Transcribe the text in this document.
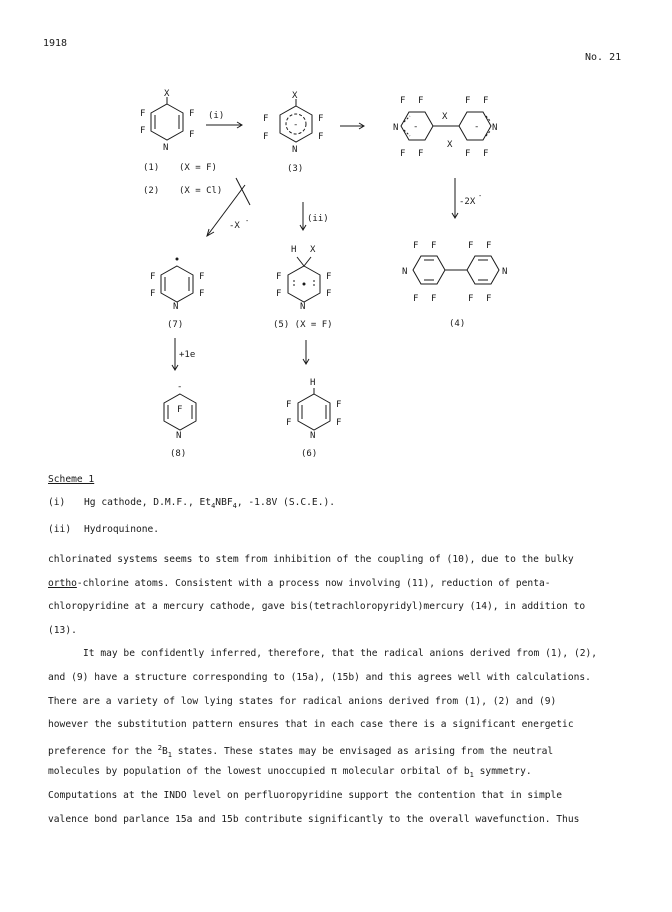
1918
No. 21
X
F	F
F	F
N
(i)
(1) (X = F)
(2) (X = Cl)
X
F	F
F	F
N
-
(3)
F F	F F
N	N
-	-
X
X
F F	F F
-X -	(ii)
-2X
-
F	F
F	F
N
(7)
H X
F	F
F	F
N
(5) (X = F)
F F	F F
N	N
F F	F F
(4)
+1e
-
F
N
(8)
H
F	F
F	F
N
(6)
Scheme 1
(i) Hg cathode, D.M.F., $Et_4NBF_4$, -1.8V (S.C.E.).
(ii) Hydroquinone.
chlorinated systems seems to stem from inhibition of the coupling of (10), due to the bulky
ortho-chlorine atoms. Consistent with a process now involving (11), reduction of penta-
chloropyridine at a mercury cathode, gave bis(tetrachloropyridyl)mercury (14), in addition to
(13).
It may be confidently inferred, therefore, that the radical anions derived from (1), (2),
and (9) have a structure corresponding to (15a), (15b) and this agrees well with calculations.
There are a variety of low lying states for radical anions derived from (1), (2) and (9)
however the substitution pattern ensures that in each case there is a significant energetic
preference for the $^2B_1$ states. These states may be envisaged as arising from the neutral
molecules by population of the lowest unoccupied π molecular orbital of $b_1$ symmetry.
Computations at the INDO level on perfluoropyridine support the contention that in simple
valence bond parlance 15a and 15b contribute significantly to the overall wavefunction. Thus
